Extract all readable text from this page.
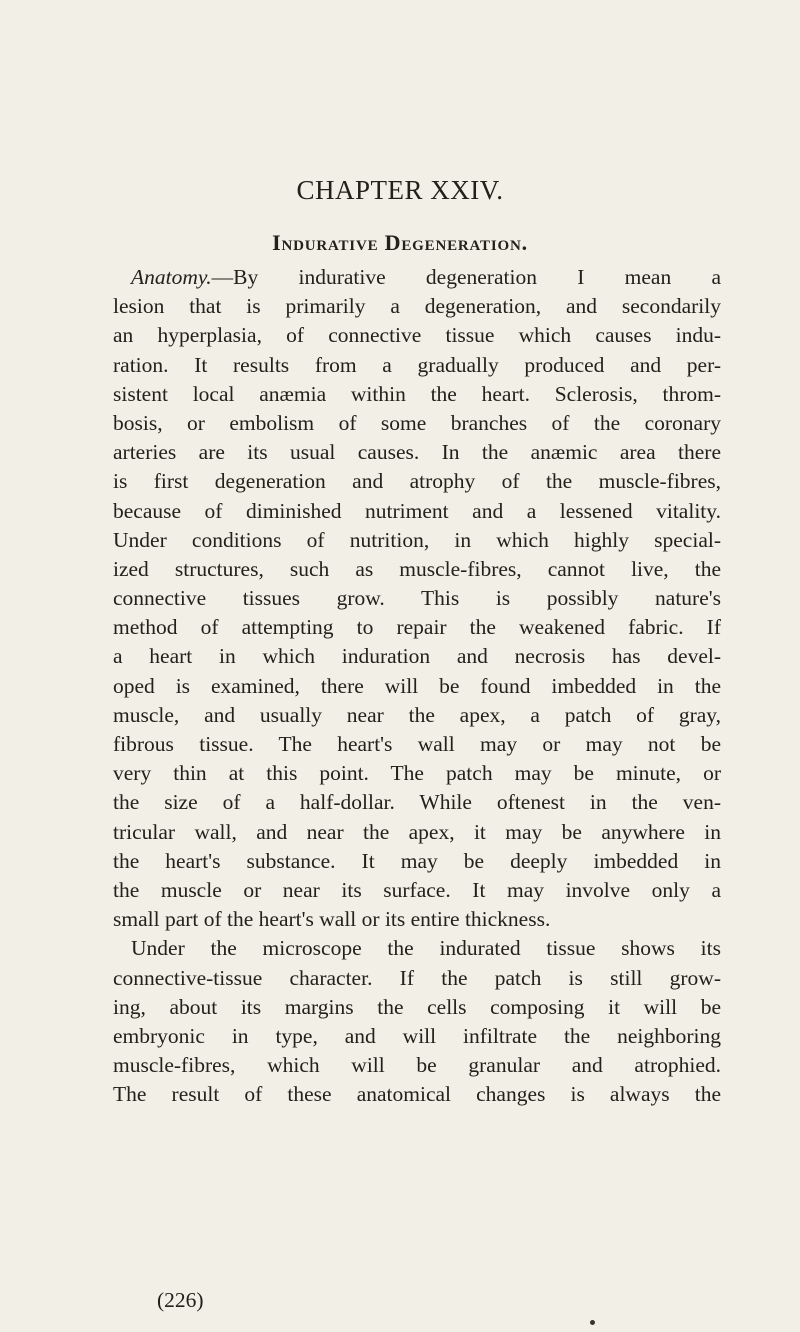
CHAPTER XXIV.
Indurative Degeneration.
Anatomy.—By indurative degeneration I mean a
lesion that is primarily a degeneration, and secondarily
an hyperplasia, of connective tissue which causes indu-
ration. It results from a gradually produced and per-
sistent local anæmia within the heart. Sclerosis, throm-
bosis, or embolism of some branches of the coronary
arteries are its usual causes. In the anæmic area there
is first degeneration and atrophy of the muscle-fibres,
because of diminished nutriment and a lessened vitality.
Under conditions of nutrition, in which highly special-
ized structures, such as muscle-fibres, cannot live, the
connective tissues grow. This is possibly nature's
method of attempting to repair the weakened fabric. If
a heart in which induration and necrosis has devel-
oped is examined, there will be found imbedded in the
muscle, and usually near the apex, a patch of gray,
fibrous tissue. The heart's wall may or may not be
very thin at this point. The patch may be minute, or
the size of a half-dollar. While oftenest in the ven-
tricular wall, and near the apex, it may be anywhere in
the heart's substance. It may be deeply imbedded in
the muscle or near its surface. It may involve only a
small part of the heart's wall or its entire thickness.
Under the microscope the indurated tissue shows its
connective-tissue character. If the patch is still grow-
ing, about its margins the cells composing it will be
embryonic in type, and will infiltrate the neighboring
muscle-fibres, which will be granular and atrophied.
The result of these anatomical changes is always the
(226)
